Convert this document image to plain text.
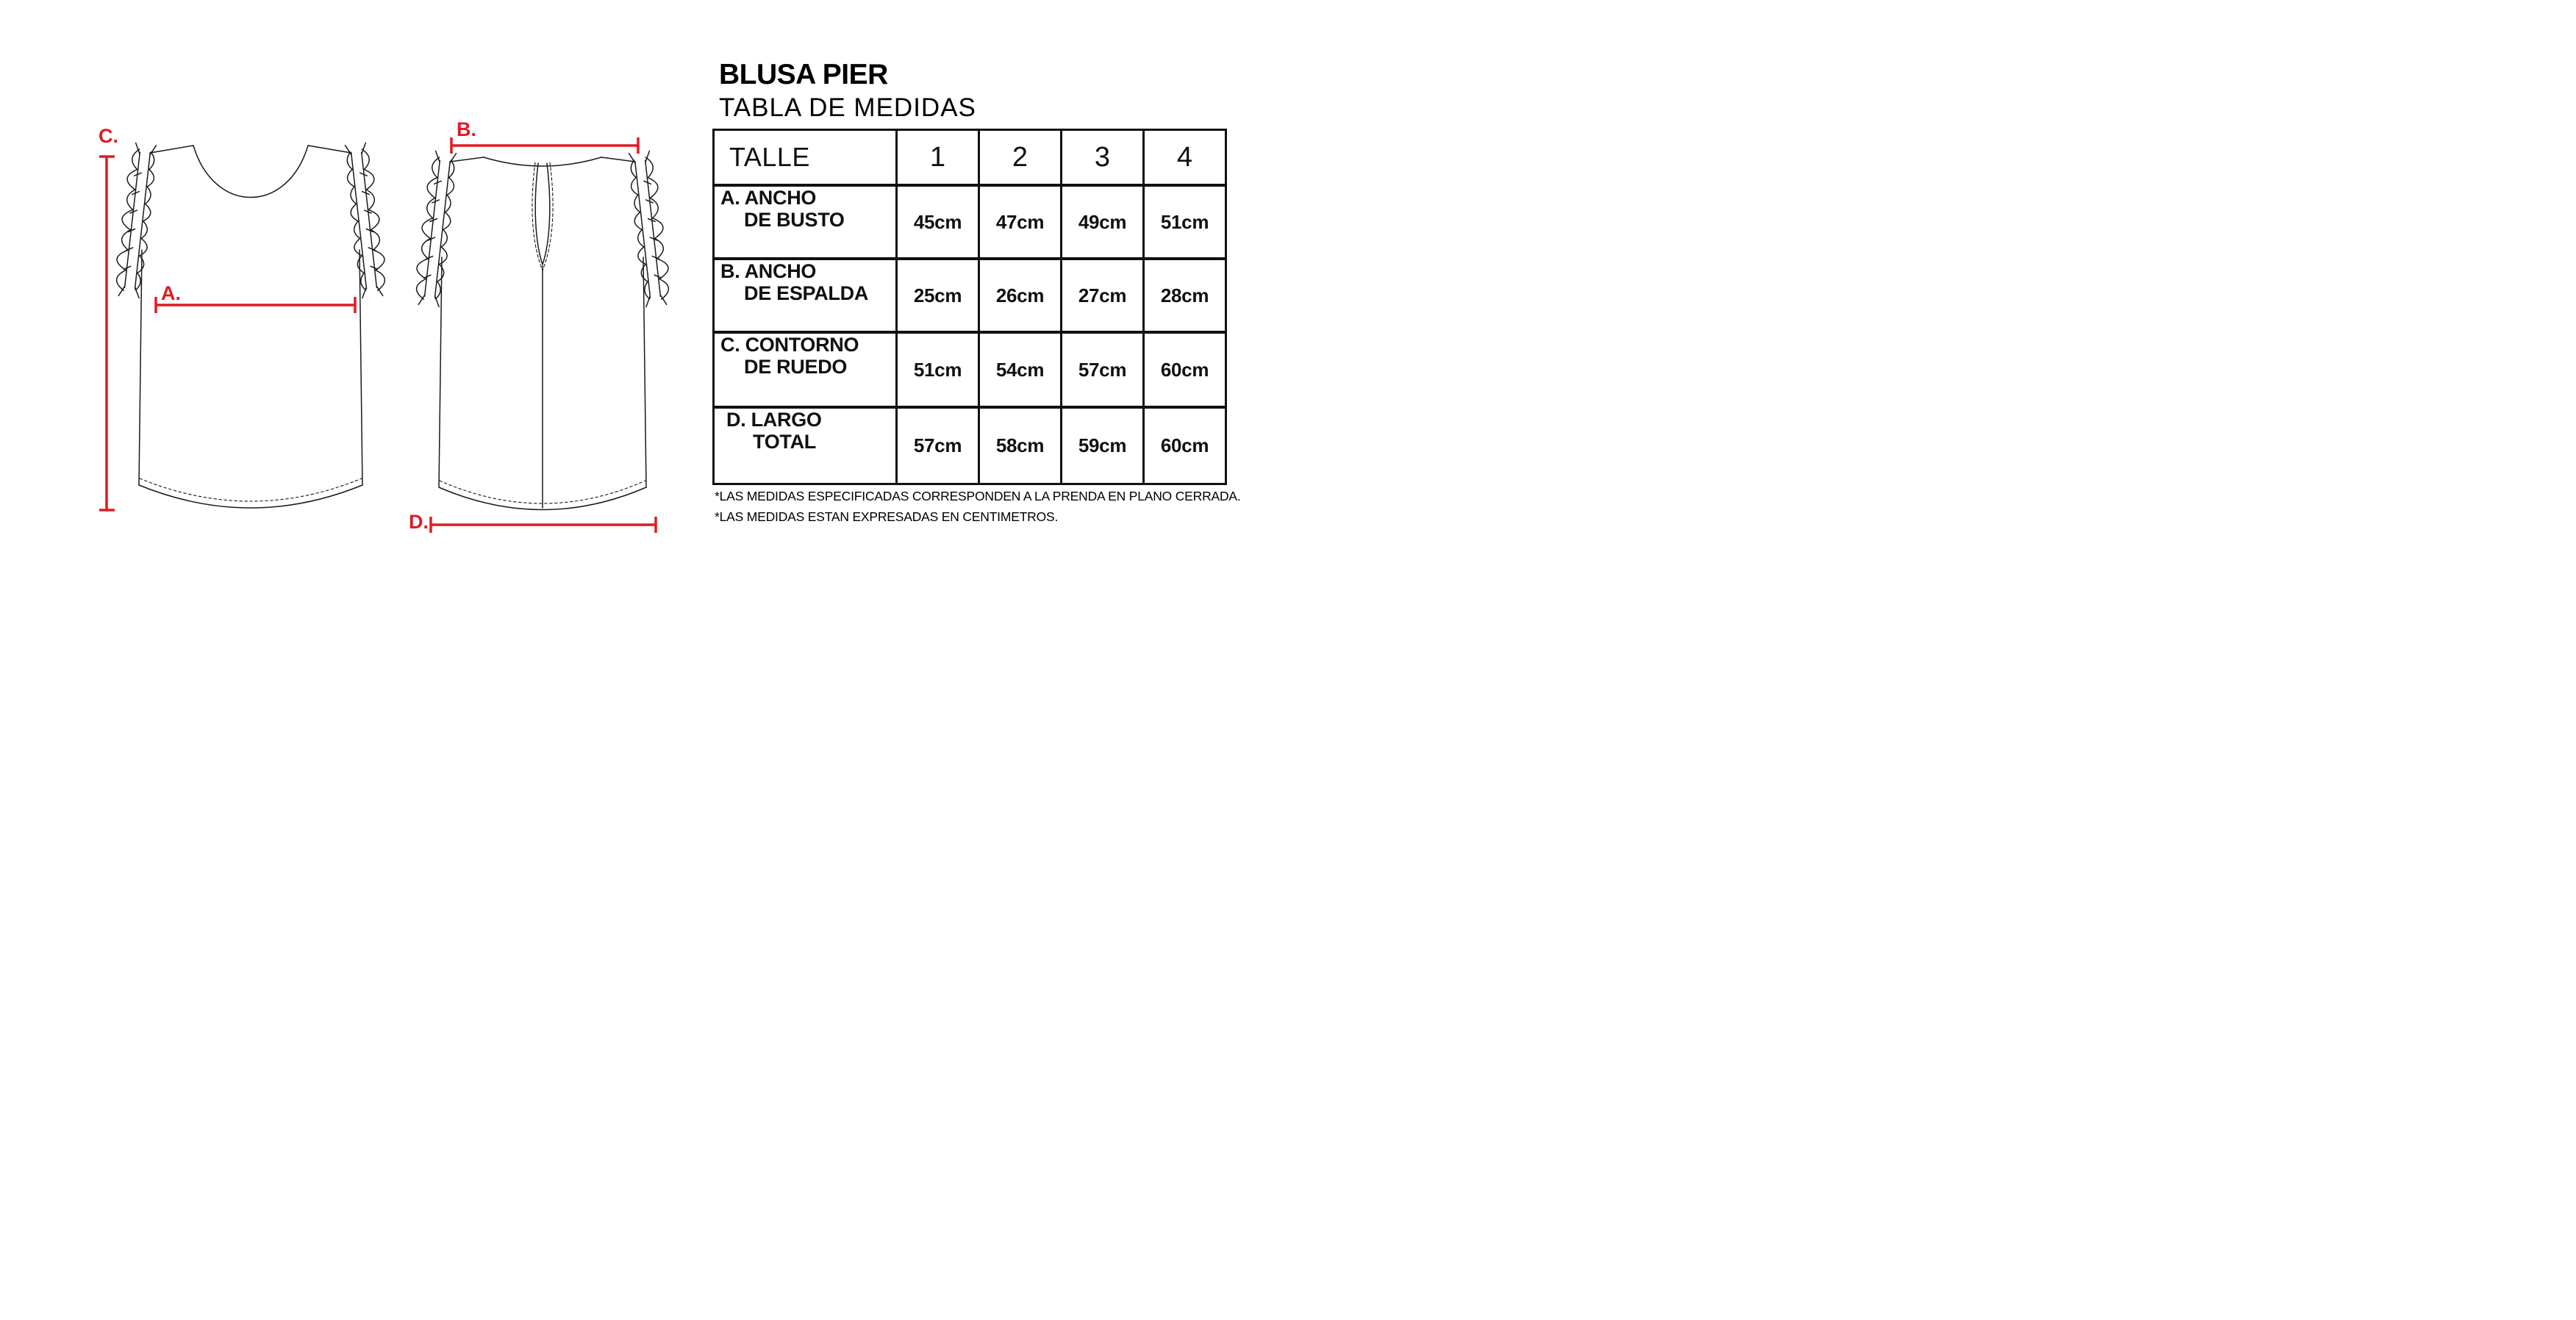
C.
A.
B.
D.
BLUSA PIER
TABLA DE MEDIDAS
TALLE	1	2	3	4
A. ANCHO
DE BUSTO	45cm	47cm	49cm	51cm
B. ANCHO
DE ESPALDA	25cm	26cm	27cm	28cm
C. CONTORNO
DE RUEDO	51cm	54cm	57cm	60cm
D. LARGO
TOTAL	57cm	58cm	59cm	60cm
*LAS MEDIDAS ESPECIFICADAS CORRESPONDEN A LA PRENDA EN PLANO CERRADA.
*LAS MEDIDAS ESTAN EXPRESADAS EN CENTIMETROS.
